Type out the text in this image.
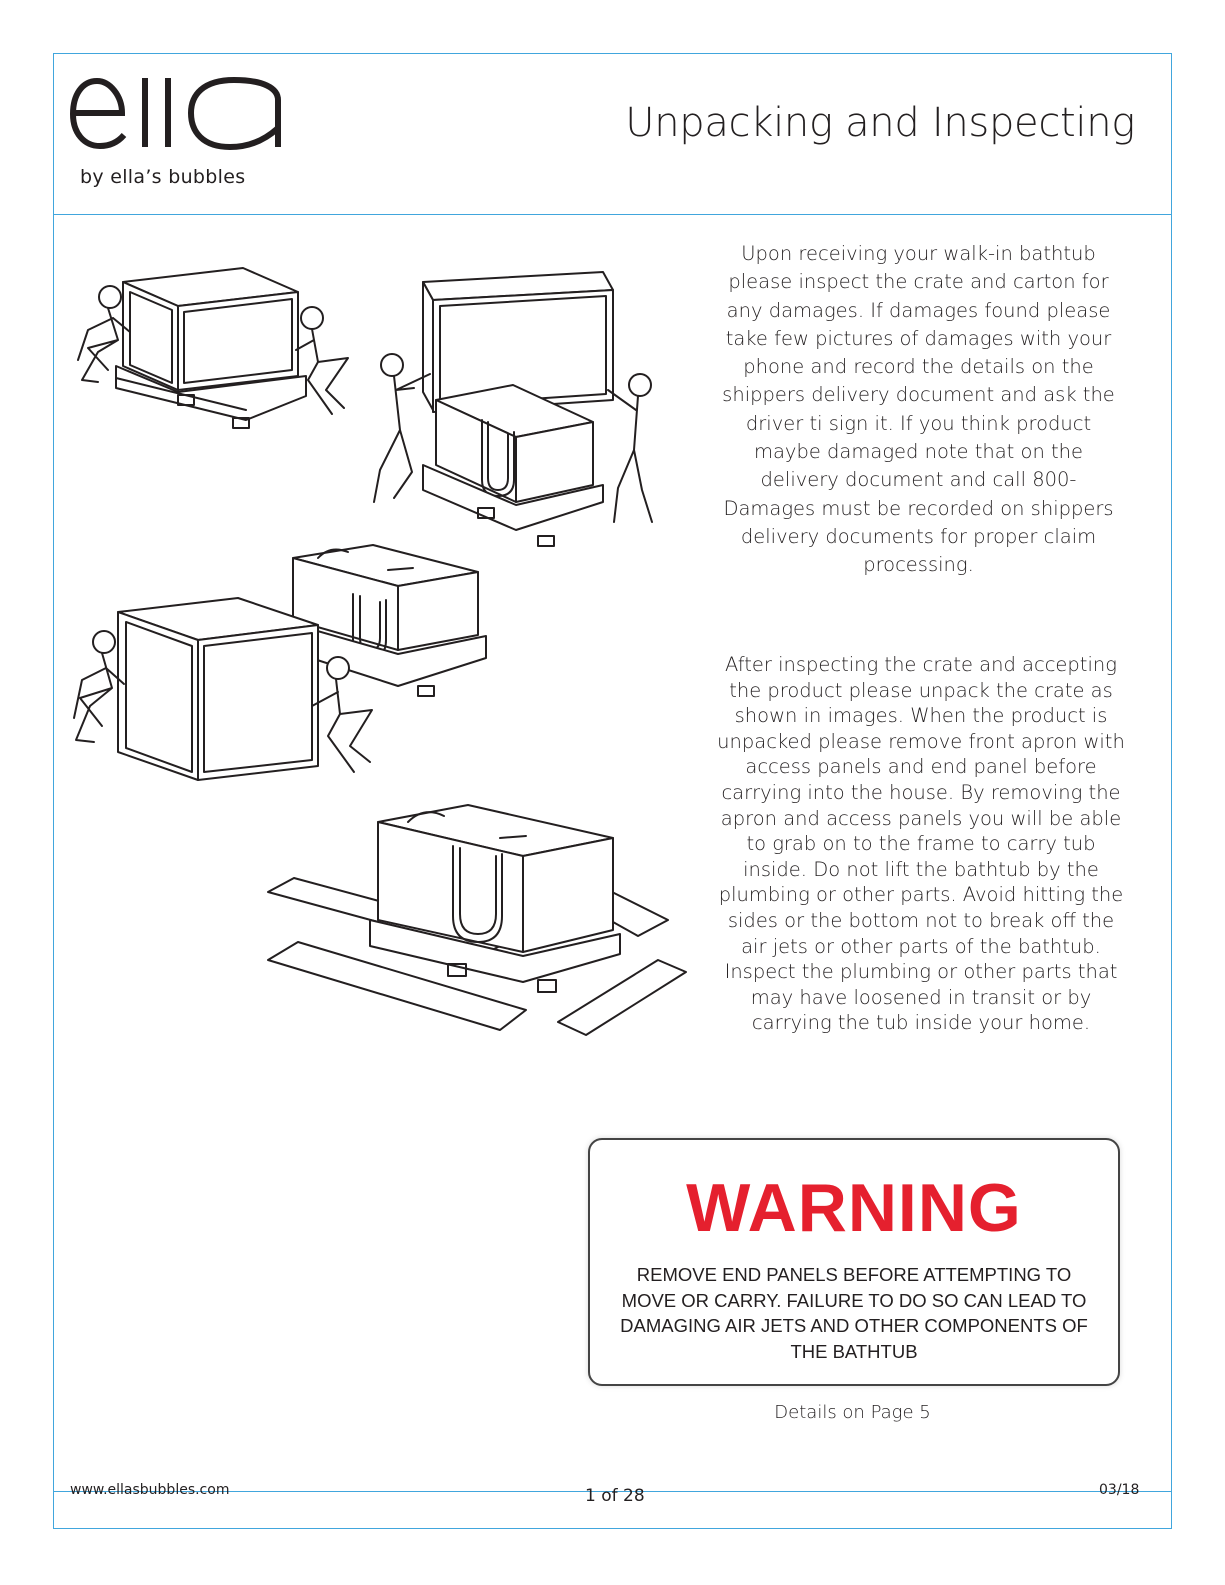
by ella’s bubbles
Unpacking and Inspecting
Upon receiving your walk-in bathtub please inspect the crate and carton for any damages. If damages found please take few pictures of damages with your phone and record the details on the shippers delivery document and ask the driver ti sign it. If you think product maybe damaged note that on the delivery document and call 800- Damages must be recorded on shippers delivery documents for proper claim processing.
After inspecting the crate and accepting the product please unpack the crate as shown in images. When the product is unpacked please remove front apron with access panels and end panel before carrying into the house. By removing the apron and access panels you will be able to grab on to the frame to carry tub inside. Do not lift the bathtub by the plumbing or other parts. Avoid hitting the sides or the bottom not to break off the air jets or other parts of the bathtub. Inspect the plumbing or other parts that may have loosened in transit or by carrying the tub inside your home.
WARNING
REMOVE END PANELS BEFORE ATTEMPTING TO MOVE OR CARRY. FAILURE TO DO SO CAN LEAD TO DAMAGING AIR JETS AND OTHER COMPONENTS OF THE BATHTUB
Details on Page 5
www.ellasbubbles.com	1 of 28	03/18
